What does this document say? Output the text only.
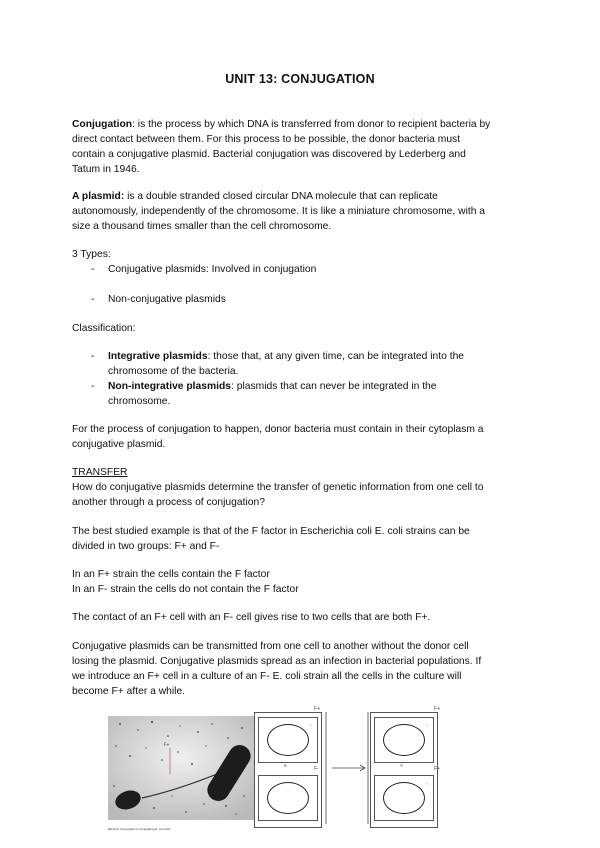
UNIT 13: CONJUGATION
Conjugation: is the process by which DNA is transferred from donor to recipient bacteria by
direct contact between them. For this process to be possible, the donor bacteria must
contain a conjugative plasmid. Bacterial conjugation was discovered by Lederberg and
Tatum in 1946.
A plasmid: is a double stranded closed circular DNA molecule that can replicate
autonomously, independently of the chromosome. It is like a miniature chromosome, with a
size a thousand times smaller than the cell chromosome.
3 Types:
- Conjugative plasmids: Involved in conjugation
- Non-conjugative plasmids
Classification:
- Integrative plasmids: those that, at any given time, can be integrated into the
chromosome of the bacteria.
- Non-integrative plasmids: plasmids that can never be integrated in the
chromosome.
For the process of conjugation to happen, donor bacteria must contain in their cytoplasm a
conjugative plasmid.
TRANSFER
How do conjugative plasmids determine the transfer of genetic information from one cell to
another through a process of conjugation?
The best studied example is that of the F factor in Escherichia coli E. coli strains can be
divided in two groups: F+ and F-
In an F+ strain the cells contain the F factor
In an F- strain the cells do not contain the F factor
The contact of an F+ cell with an F- cell gives rise to two cells that are both F+.
Conjugative plasmids can be transmitted from one cell to another without the donor cell
losing the plasmid. Conjugative plasmids spread as an infection in bacterial populations. If
we introduce an F+ cell in a culture of an F- E. coli strain all the cells in the culture will
become F+ after a while.
F+
Electron micrograph of conjugating E. coli cells
○
x
F+
F-
○
+
○
F+
F+
